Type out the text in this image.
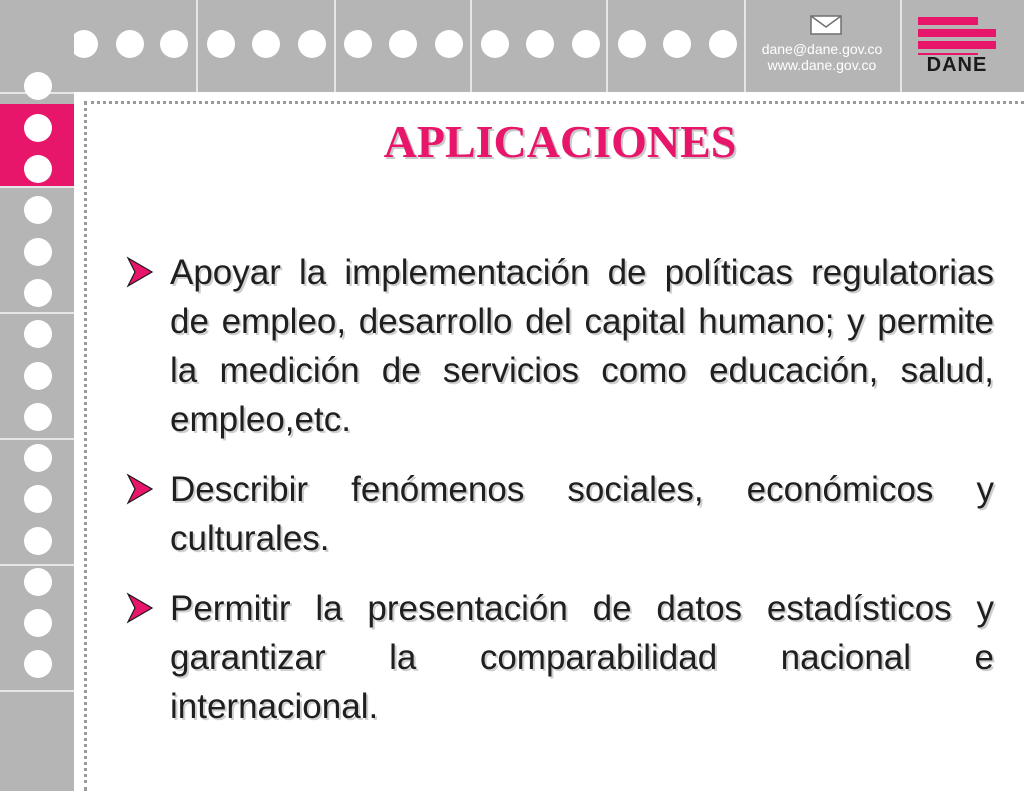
dane@dane.gov.co
www.dane.gov.co	DANE
APLICACIONES
Apoyar la implementación de políticas regulatorias de empleo, desarrollo del capital humano; y permite la medición de servicios como educación, salud, empleo,etc.
Describir fenómenos sociales, económicos y culturales.
Permitir la presentación de datos estadísticos y garantizar la comparabilidad nacional e internacional.
